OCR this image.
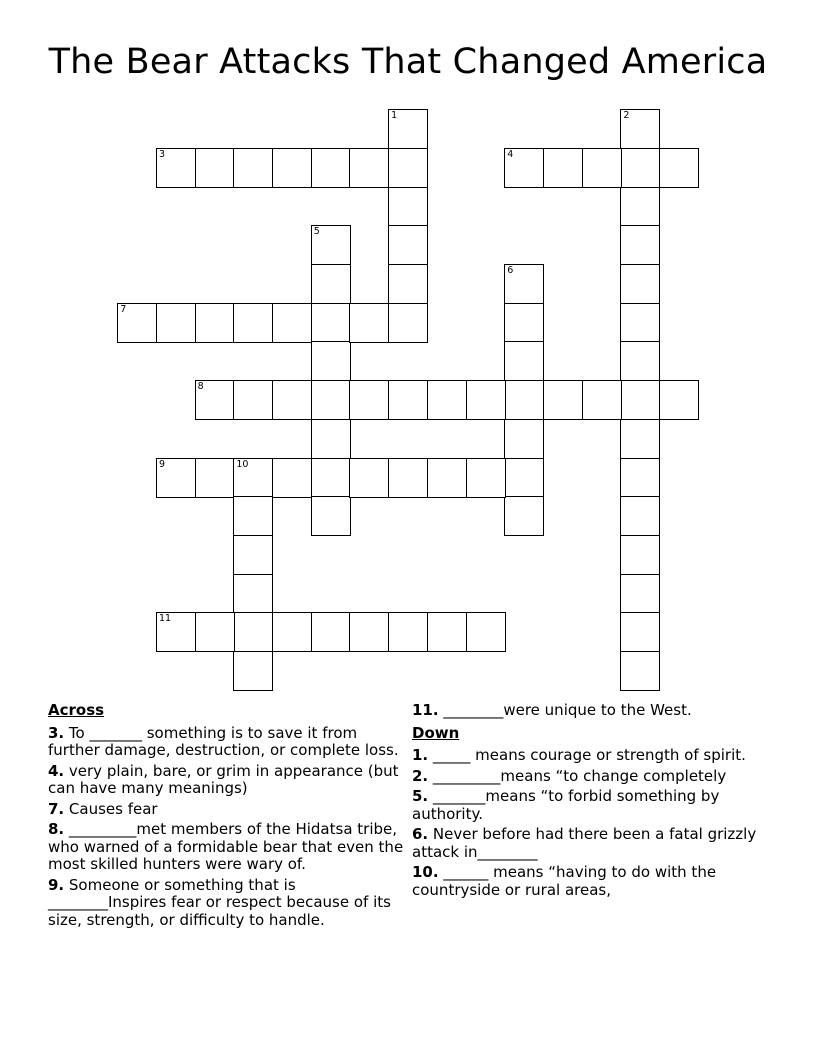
The Bear Attacks That Changed America
1	2
3	4
5
6
7
8
9	10
11
Across
3. To _______ something is to save it from further damage, destruction, or complete loss.
4. very plain, bare, or grim in appearance (but can have many meanings)
7. Causes fear
8. _________met members of the Hidatsa tribe, who warned of a formidable bear that even the most skilled hunters were wary of.
9. Someone or something that is ________Inspires fear or respect because of its size, strength, or difficulty to handle.
11. ________were unique to the West.
Down
1. _____ means courage or strength of spirit.
2. _________means “to change completely
5. _______means “to forbid something by authority.
6. Never before had there been a fatal grizzly attack in________
10. ______ means “having to do with the countryside or rural areas,
